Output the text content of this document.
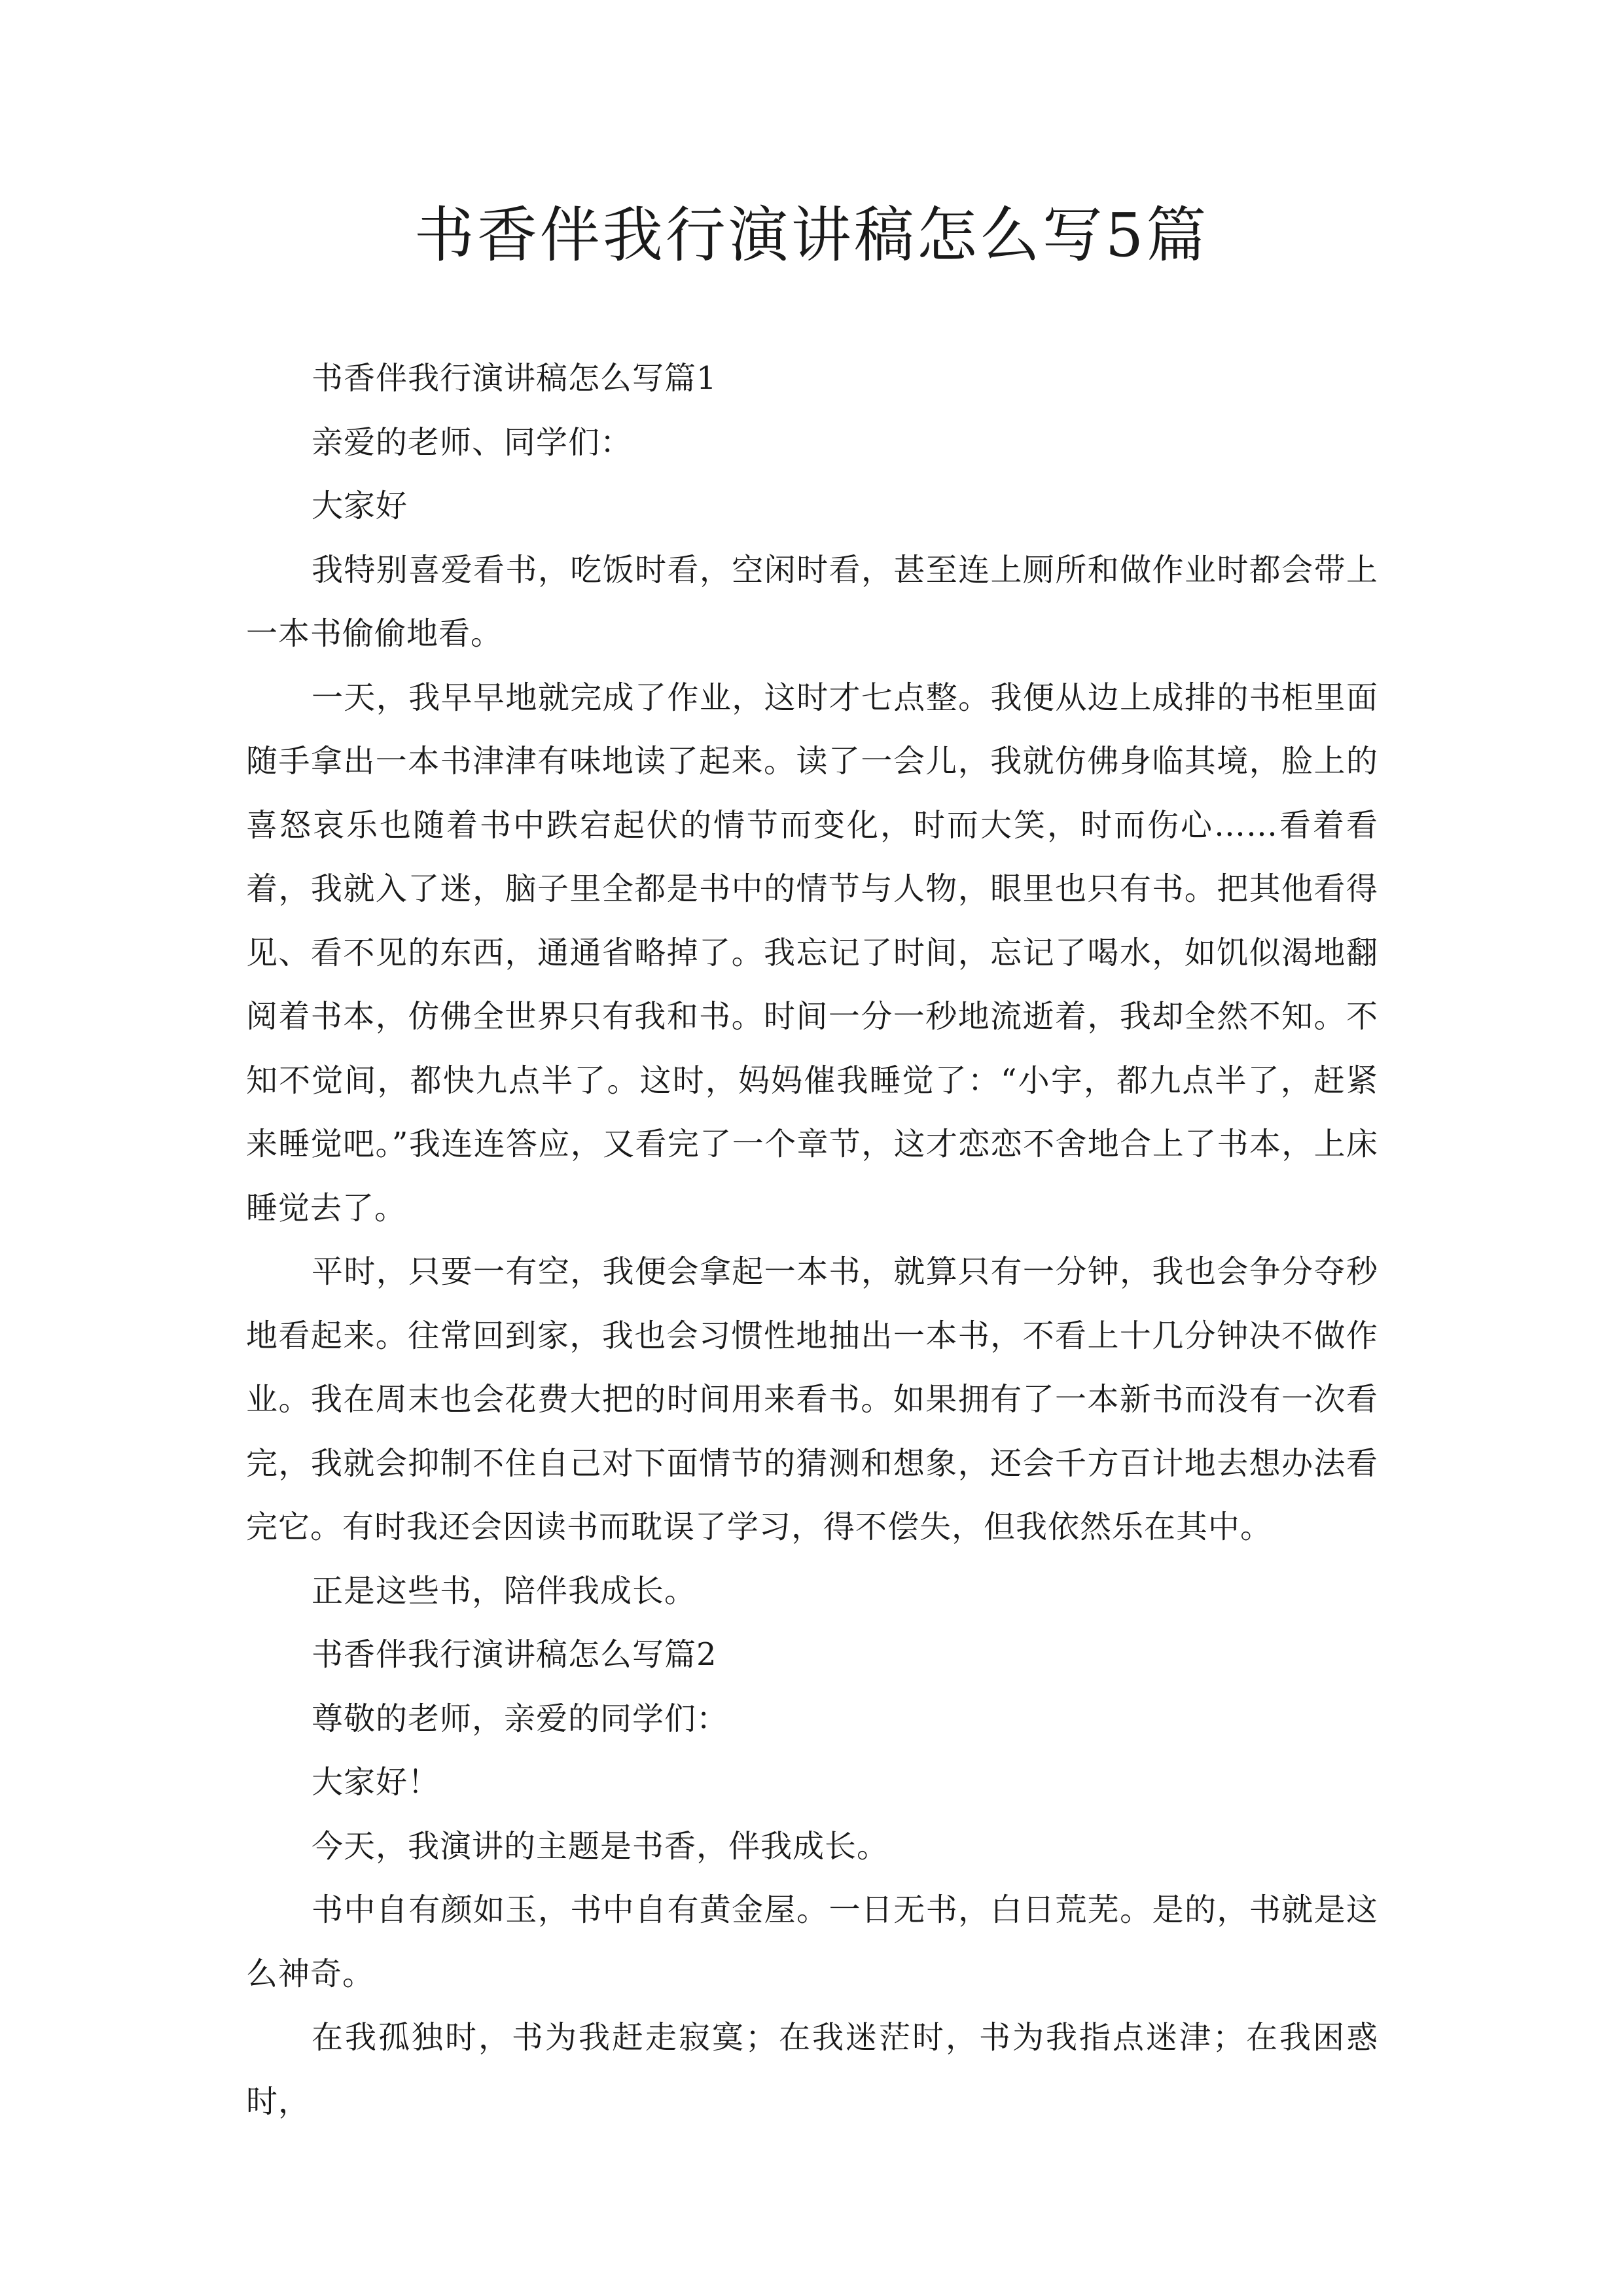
书香伴我行演讲稿怎么写5篇

书香伴我行演讲稿怎么写篇1

亲爱的老师、同学们：

大家好

我特别喜爱看书，吃饭时看，空闲时看，甚至连上厕所和做作业时都会带上一本书偷偷地看。

一天，我早早地就完成了作业，这时才七点整。我便从边上成排的书柜里面随手拿出一本书津津有味地读了起来。读了一会儿，我就仿佛身临其境，脸上的喜怒哀乐也随着书中跌宕起伏的情节而变化，时而大笑，时而伤心……看着看着，我就入了迷，脑子里全都是书中的情节与人物，眼里也只有书。把其他看得见、看不见的东西，通通省略掉了。我忘记了时间，忘记了喝水，如饥似渴地翻阅着书本，仿佛全世界只有我和书。时间一分一秒地流逝着，我却全然不知。不知不觉间，都快九点半了。这时，妈妈催我睡觉了：“小宇，都九点半了，赶紧来睡觉吧。”我连连答应，又看完了一个章节，这才恋恋不舍地合上了书本，上床睡觉去了。

平时，只要一有空，我便会拿起一本书，就算只有一分钟，我也会争分夺秒地看起来。往常回到家，我也会习惯性地抽出一本书，不看上十几分钟决不做作业。我在周末也会花费大把的时间用来看书。如果拥有了一本新书而没有一次看完，我就会抑制不住自己对下面情节的猜测和想象，还会千方百计地去想办法看完它。有时我还会因读书而耽误了学习，得不偿失，但我依然乐在其中。

正是这些书，陪伴我成长。

书香伴我行演讲稿怎么写篇2

尊敬的老师，亲爱的同学们：

大家好！

今天，我演讲的主题是书香，伴我成长。

书中自有颜如玉，书中自有黄金屋。一日无书，白日荒芜。是的，书就是这么神奇。

在我孤独时，书为我赶走寂寞；在我迷茫时，书为我指点迷津；在我困惑时，
